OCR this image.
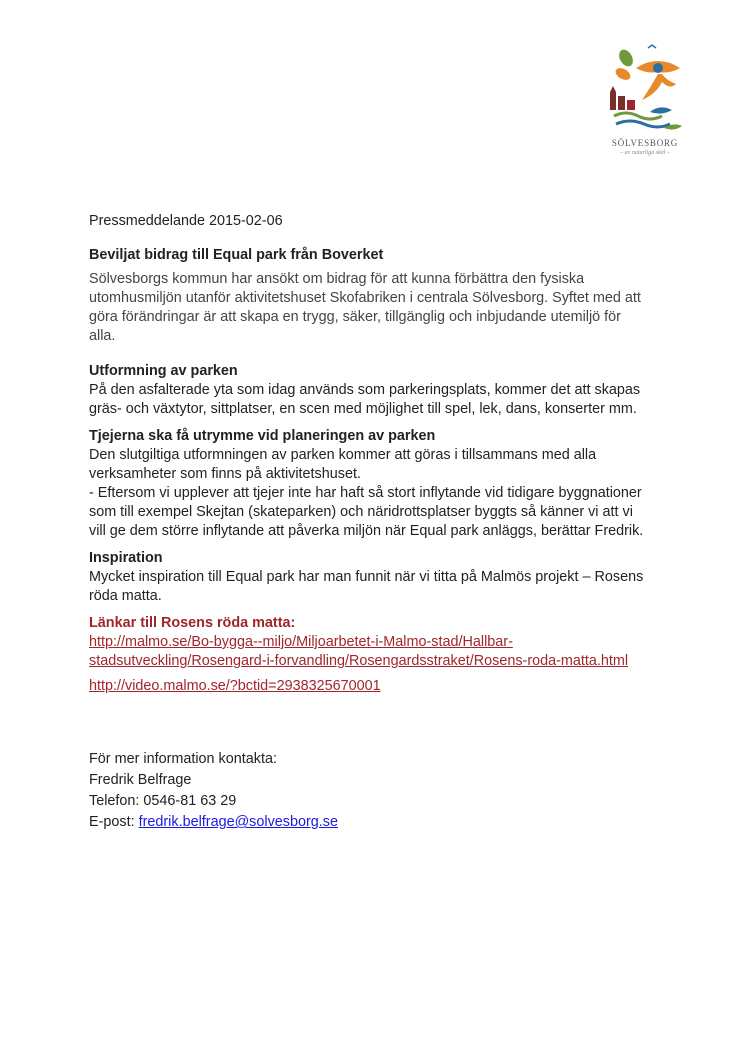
SÖLVESBORG
– av naturliga skäl –
Pressmeddelande 2015-02-06
Beviljat bidrag till Equal park från Boverket
Sölvesborgs kommun har ansökt om bidrag för att kunna förbättra den fysiska utomhusmiljön utanför aktivitetshuset Skofabriken i centrala Sölvesborg. Syftet med att göra förändringar är att skapa en trygg, säker, tillgänglig och inbjudande utemiljö för alla.
Utformning av parken
På den asfalterade yta som idag används som parkeringsplats, kommer det att skapas gräs- och växtytor, sittplatser, en scen med möjlighet till spel, lek, dans, konserter mm.
Tjejerna ska få utrymme vid planeringen av parken
Den slutgiltiga utformningen av parken kommer att göras i tillsammans med alla verksamheter som finns på aktivitetshuset.
- Eftersom vi upplever att tjejer inte har haft så stort inflytande vid tidigare byggnationer som till exempel Skejtan (skateparken) och näridrottsplatser byggts så känner vi att vi vill ge dem större inflytande att påverka miljön när Equal park anläggs, berättar Fredrik.
Inspiration
Mycket inspiration till Equal park har man funnit när vi titta på Malmös projekt – Rosens röda matta.
Länkar till Rosens röda matta:
http://malmo.se/Bo-bygga--miljo/Miljoarbetet-i-Malmo-stad/Hallbar-stadsutveckling/Rosengard-i-forvandling/Rosengardsstraket/Rosens-roda-matta.html
http://video.malmo.se/?bctid=2938325670001
För mer information kontakta:
Fredrik Belfrage
Telefon: 0546-81 63 29
E-post: fredrik.belfrage@solvesborg.se
